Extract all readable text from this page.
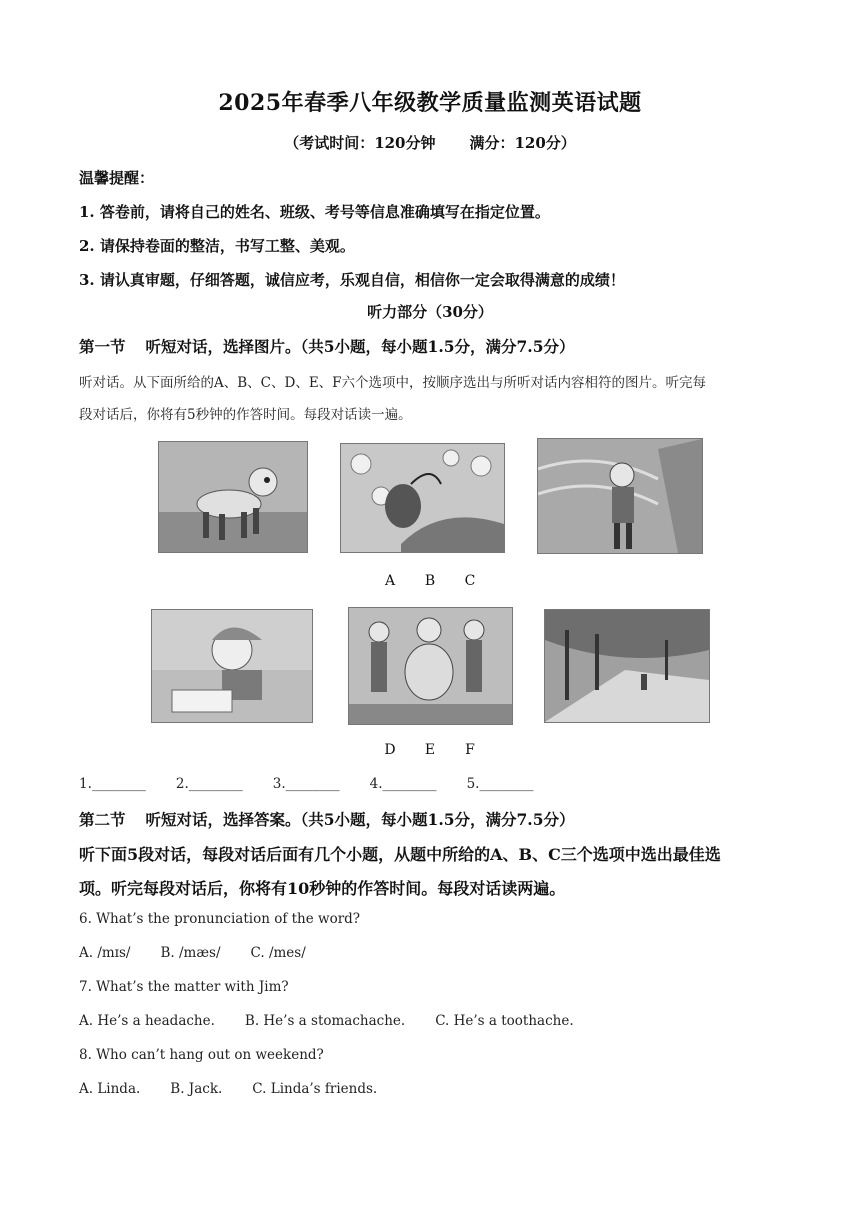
2025年春季八年级教学质量监测英语试题
（考试时间：120分钟 满分：120分）
温馨提醒：
1. 答卷前，请将自己的姓名、班级、考号等信息准确填写在指定位置。
2. 请保持卷面的整洁，书写工整、美观。
3. 请认真审题，仔细答题，诚信应考，乐观自信，相信你一定会取得满意的成绩！
听力部分（30分）
第一节 听短对话，选择图片。（共5小题，每小题1.5分，满分7.5分）
听对话。从下面所给的A、B、C、D、E、F六个选项中，按顺序选出与所听对话内容相符的图片。听完每
段对话后，你将有5秒钟的作答时间。每段对话读一遍。
A B C
D E F
1.________ 2.________ 3.________ 4.________ 5.________
第二节 听短对话，选择答案。（共5小题，每小题1.5分，满分7.5分）
听下面5段对话，每段对话后面有几个小题，从题中所给的A、B、C三个选项中选出最佳选
项。听完每段对话后，你将有10秒钟的作答时间。每段对话读两遍。
6. What’s the pronunciation of the word?
A. /mɪs/ B. /mæs/ C. /mes/
7. What’s the matter with Jim?
A. He’s a headache. B. He’s a stomachache. C. He’s a toothache.
8. Who can’t hang out on weekend?
A. Linda. B. Jack. C. Linda’s friends.
